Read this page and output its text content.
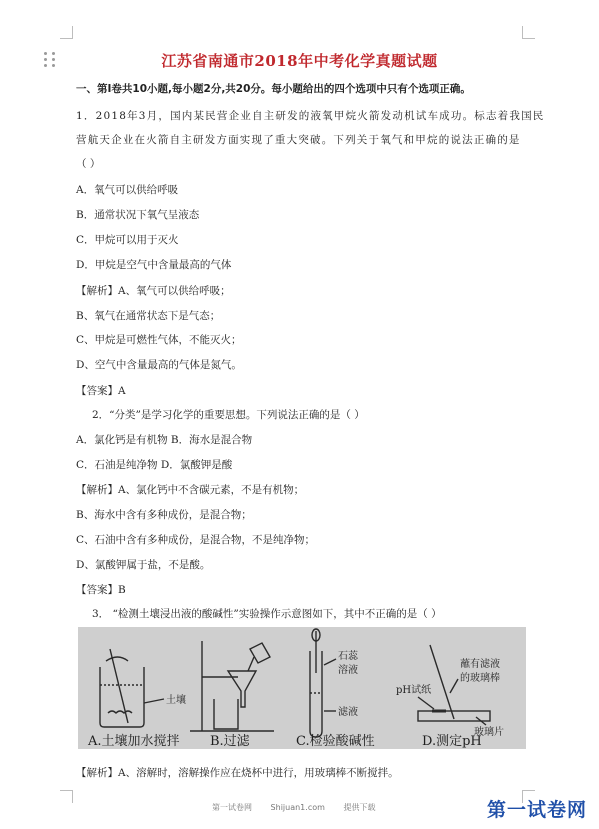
江苏省南通市2018年中考化学真题试题
一、第Ⅰ卷共10小题,每小题2分,共20分。每小题给出的四个选项中只有个选项正确。
1．2018年3月，国内某民营企业自主研发的液氧甲烷火箭发动机试车成功。标志着我国民
营航天企业在火箭自主研发方面实现了重大突破。下列关于氧气和甲烷的说法正确的是
（ ）
A．氧气可以供给呼吸
B．通常状况下氧气呈液态
C．甲烷可以用于灭火
D．甲烷是空气中含量最高的气体
【解析】A、氧气可以供给呼吸；
B、氧气在通常状态下是气态；
C、甲烷是可燃性气体，不能灭火；
D、空气中含量最高的气体是氮气。
【答案】A
2．“分类”是学习化学的重要思想。下列说法正确的是（ ）
A．氯化钙是有机物 B．海水是混合物
C．石油是纯净物 D．氯酸钾是酸
【解析】A、氯化钙中不含碳元素，不是有机物；
B、海水中含有多种成份，是混合物；
C、石油中含有多种成份，是混合物，不是纯净物；
D、氯酸钾属于盐，不是酸。
【答案】B
3． “检测土壤浸出液的酸碱性”实验操作示意图如下，其中不正确的是（ ）
土壤
石蕊
溶液
滤液
pH试纸
蘸有滤液
的玻璃棒
玻璃片
A.土壤加水搅拌 B.过滤	C.检验酸碱性	D.测定pH
【解析】A、溶解时，溶解操作应在烧杯中进行，用玻璃棒不断搅拌。
第一试卷网 Shijuan1.com 提供下载	第一试卷网
